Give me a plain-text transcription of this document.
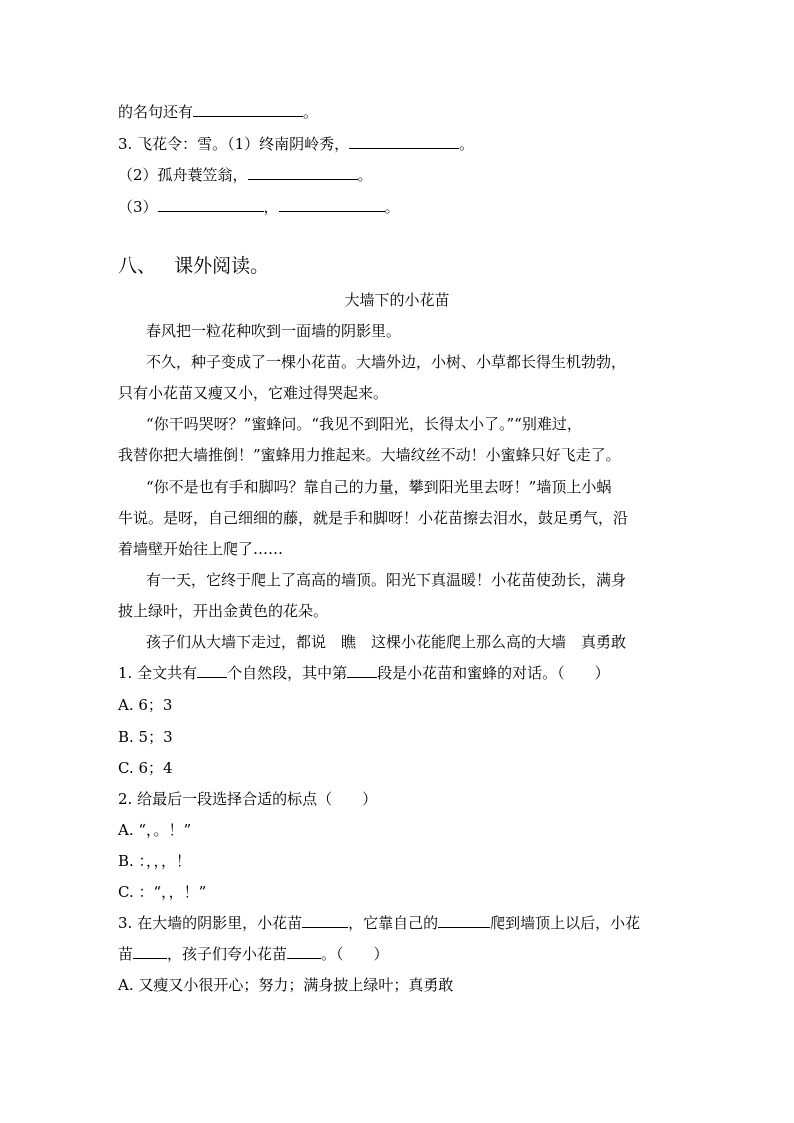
的名句还有	。
3. 飞花令：雪。（1）终南阴岭秀，	。
（2）孤舟蓑笠翁，	。
（3）	，	。
八、 课外阅读。
大墙下的小花苗
春风把一粒花种吹到一面墙的阴影里。
不久，种子变成了一棵小花苗。大墙外边，小树、小草都长得生机勃勃，
只有小花苗又瘦又小，它难过得哭起来。
“你干吗哭呀？”蜜蜂问。“我见不到阳光，长得太小了。”“别难过，
我替你把大墙推倒！”蜜蜂用力推起来。大墙纹丝不动！小蜜蜂只好飞走了。
“你不是也有手和脚吗？靠自己的力量，攀到阳光里去呀！”墙顶上小蜗
牛说。是呀，自己细细的藤，就是手和脚呀！小花苗擦去泪水，鼓足勇气，沿
着墙壁开始往上爬了……
有一天，它终于爬上了高高的墙顶。阳光下真温暖！小花苗使劲长，满身
披上绿叶，开出金黄色的花朵。
孩子们从大墙下走过，都说　瞧　这棵小花能爬上那么高的大墙　真勇敢
1. 全文共有 个自然段，其中第 段是小花苗和蜜蜂的对话。（　　）
A. 6；3
B. 5；3
C. 6；4
2. 给最后一段选择合适的标点（　　）
A. “，。！”
B. ：，，，！
C. ：“，，！”
3. 在大墙的阴影里，小花苗	，它靠自己的	爬到墙顶上以后，小花
苗 ，孩子们夸小花苗 。（　　）
A. 又瘦又小很开心；努力；满身披上绿叶；真勇敢
